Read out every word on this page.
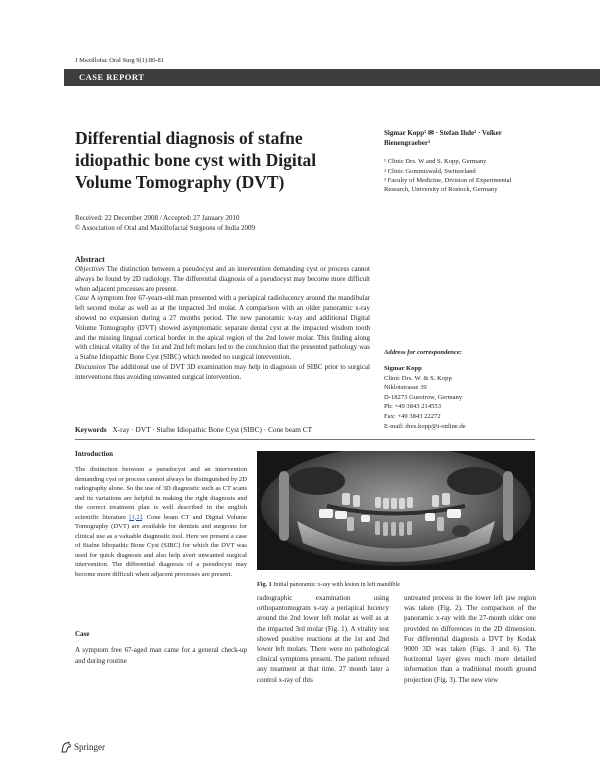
J Maxillofac Oral Surg 9(1):80-81
CASE REPORT
Differential diagnosis of stafne idiopathic bone cyst with Digital Volume Tomography (DVT)
Sigmar Kopp¹ ✉ · Stefan Ihde² · Volker
Bienengraeber³
¹ Clinic Drs. W and S. Kopp, Germany
² Clinic Gommiswald, Switzerland
³ Faculty of Medicine, Division of Experimental Research, University of Rostock, Germany
Received: 22 December 2008 / Accepted: 27 January 2010
© Association of Oral and Maxillofacial Surgeons of India 2009
Abstract
Objectives The distinction between a pseudocyst and an intervention demanding cyst or process cannot always be found by 2D radiology. The differential diagnosis of a pseudocyst may become more difficult when adjacent processes are present.
Case A symptom free 67-years-old man presented with a periapical radiolucency around the mandibular left second molar as well as at the impacted 3rd molar. A comparison with an older panoramic x-ray showed no expansion during a 27 months period. The new panoramic x-ray and additional Digital Volume Tomography (DVT) showed asymptomatic separate dental cyst at the impacted wisdom tooth and the missing lingual cortical border in the apical region of the 2nd lower molar. This finding along with clinical vitality of the 1st and 2nd left molars led to the conclusion that the presented pathology was a Stafne Idiopathic Bone Cyst (SIBC) which needed no surgical intervention.
Discussion The additional use of DVT 3D examination may help in diagnosis of SIBC prior to surgical interventions thus avoiding unwanted surgical intervention.
Keywords X-ray · DVT · Stafne Idiopathic Bone Cyst (SIBC) · Cone beam CT
Address for correspondence:
Sigmar Kopp
Clinic Drs. W. & S. Kopp
Niklotstrasse 39
D-18273 Guestrow, Germany
Ph: +49 3843 214553
Fax: +49 3843 22272
E-mail: dres.kopp@t-online.de
Introduction
The distinction between a pseudocyst and an intervention demanding cyst or process cannot always be distinguished by 2D radiography alone. So the use of 3D diagnostic such as CT scans and its variations are helpful in making the right diagnosis and the correct treatment plan is well described in the english scientific literature [1,2]. Cone beam CT and Digital Volume Tomography (DVT) are available for dentists and surgeons for clinical use as a valuable diagnostic tool. Here we present a case of Stafne Idiopathic Bone Cyst (SIBC) for which the DVT was used for quick diagnosis and also help avert unwanted surgical intervention. The differential diagnosis of a pseudocyst may become more difficult when adjacent processes are present.
Case
A symptom free 67-aged man came for a general check-up and during routine
Fig. 1 Initial panoramic x-ray with lesion in left mandible
radiographic examination using orthopantomogram x-ray a periapical lucency around the 2nd lower left molar as well as at the impacted 3rd molar (Fig. 1). A vitality test showed positive reactions at the 1st and 2nd lower left molars. There were no pathological clinical symptoms present. The patient refused any treatment at that time. 27 month later a control x-ray of this
untreated process in the lower left jaw region was taken (Fig. 2). The comparison of the panoramic x-ray with the 27-month older one provided no differences in the 2D dimension. For differential diagnosis a DVT by Kodak 9000 3D was taken (Figs. 3 and 6). The horizontal layer gives much more detailed information than a traditional mouth ground projection (Fig. 3). The new view
Springer
